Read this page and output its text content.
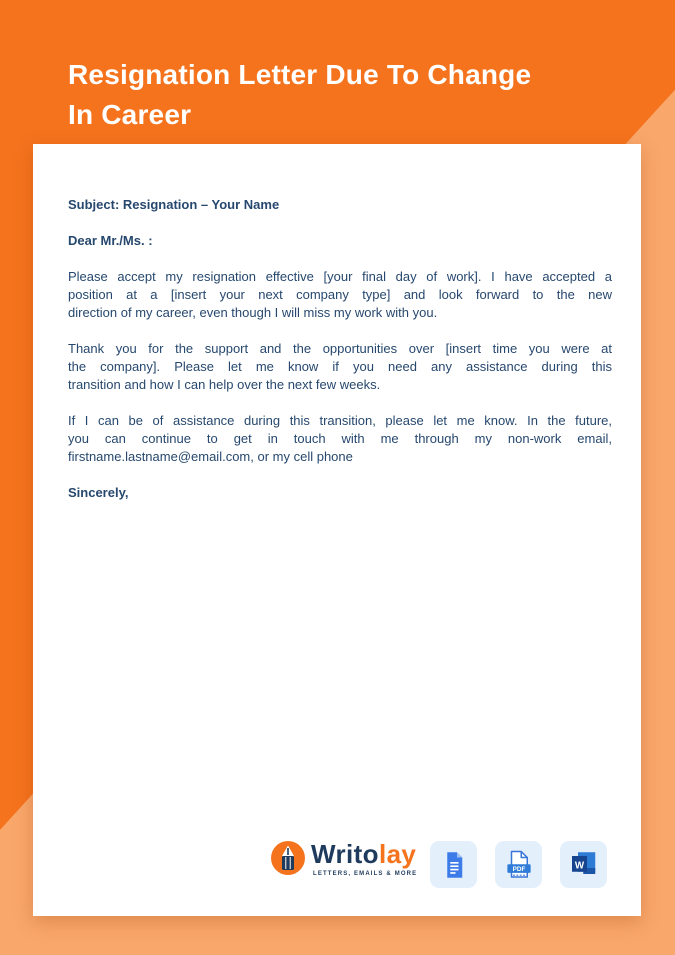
Resignation Letter Due To Change
In Career
Subject: Resignation – Your Name
Dear Mr./Ms. :
Please accept my resignation effective [your final day of work]. I have accepted a
position at a [insert your next company type] and look forward to the new
direction of my career, even though I will miss my work with you.
Thank you for the support and the opportunities over [insert time you were at
the company]. Please let me know if you need any assistance during this
transition and how I can help over the next few weeks.
If I can be of assistance during this transition, please let me know. In the future,
you can continue to get in touch with me through my non-work email,
firstname.lastname@email.com, or my cell phone
Sincerely,
Writolay
LETTERS, EMAILS & MORE
PDF	W
